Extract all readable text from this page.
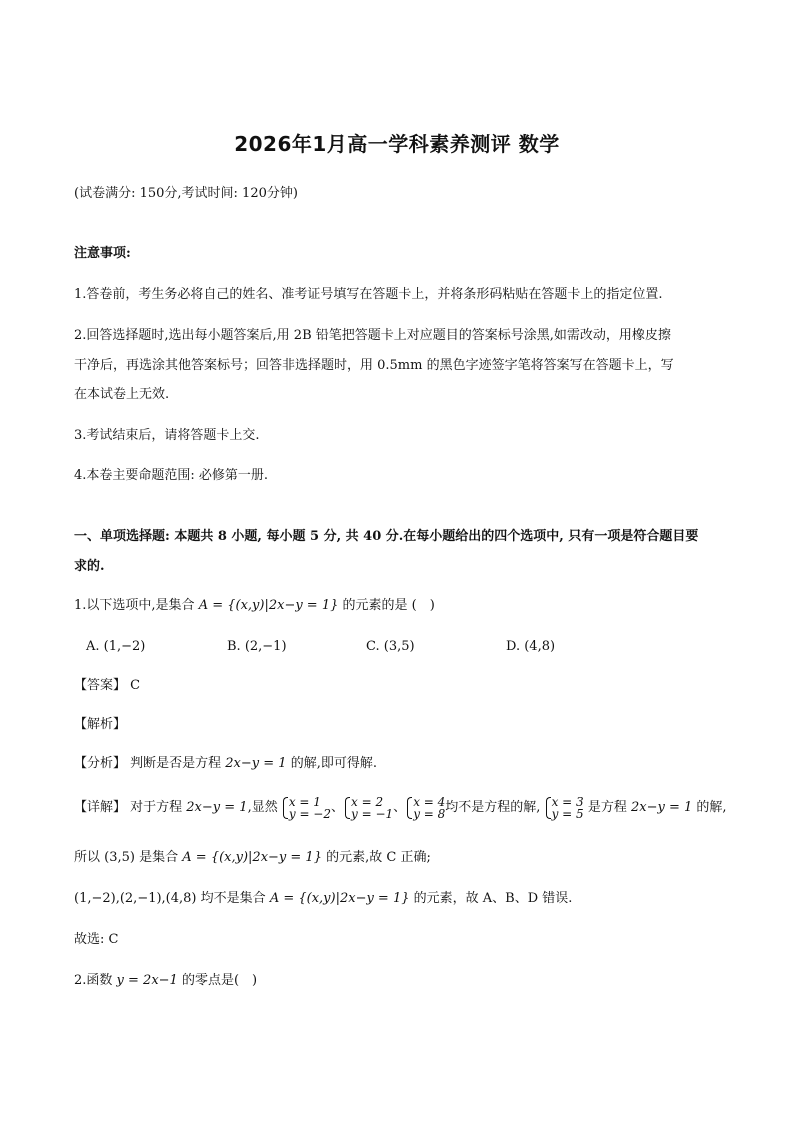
2026年1月高一学科素养测评 数学
(试卷满分: 150分,考试时间: 120分钟)
注意事项:
1.答卷前，考生务必将自己的姓名、准考证号填写在答题卡上，并将条形码粘贴在答题卡上的指定位置.
2.回答选择题时,选出每小题答案后,用 2B 铅笔把答题卡上对应题目的答案标号涂黑,如需改动，用橡皮擦
干净后，再选涂其他答案标号；回答非选择题时，用 0.5mm 的黑色字迹签字笔将答案写在答题卡上，写
在本试卷上无效.
3.考试结束后，请将答题卡上交.
4.本卷主要命题范围: 必修第一册.
一、单项选择题: 本题共 8 小题, 每小题 5 分, 共 40 分.在每小题给出的四个选项中, 只有一项是符合题目要
求的.
1.以下选项中,是集合 A = {(x,y)|2x−y = 1} 的元素的是 (　)
A. (1,−2)	B. (2,−1)	C. (3,5)	D. (4,8)
【答案】 C
【解析】
【分析】 判断是否是方程 2x−y = 1 的解,即可得解.
【详解】 对于方程 2x−y = 1,显然 x = 1
y = −2 、 x = 2
y = −1 、 x = 4
y = 8 均不是方程的解, x = 3
y = 5 是方程 2x−y = 1 的解,
所以 (3,5) 是集合 A = {(x,y)|2x−y = 1} 的元素,故 C 正确;
(1,−2),(2,−1),(4,8) 均不是集合 A = {(x,y)|2x−y = 1} 的元素，故 A、B、D 错误.
故选: C
2.函数 y = 2x−1 的零点是(　)
